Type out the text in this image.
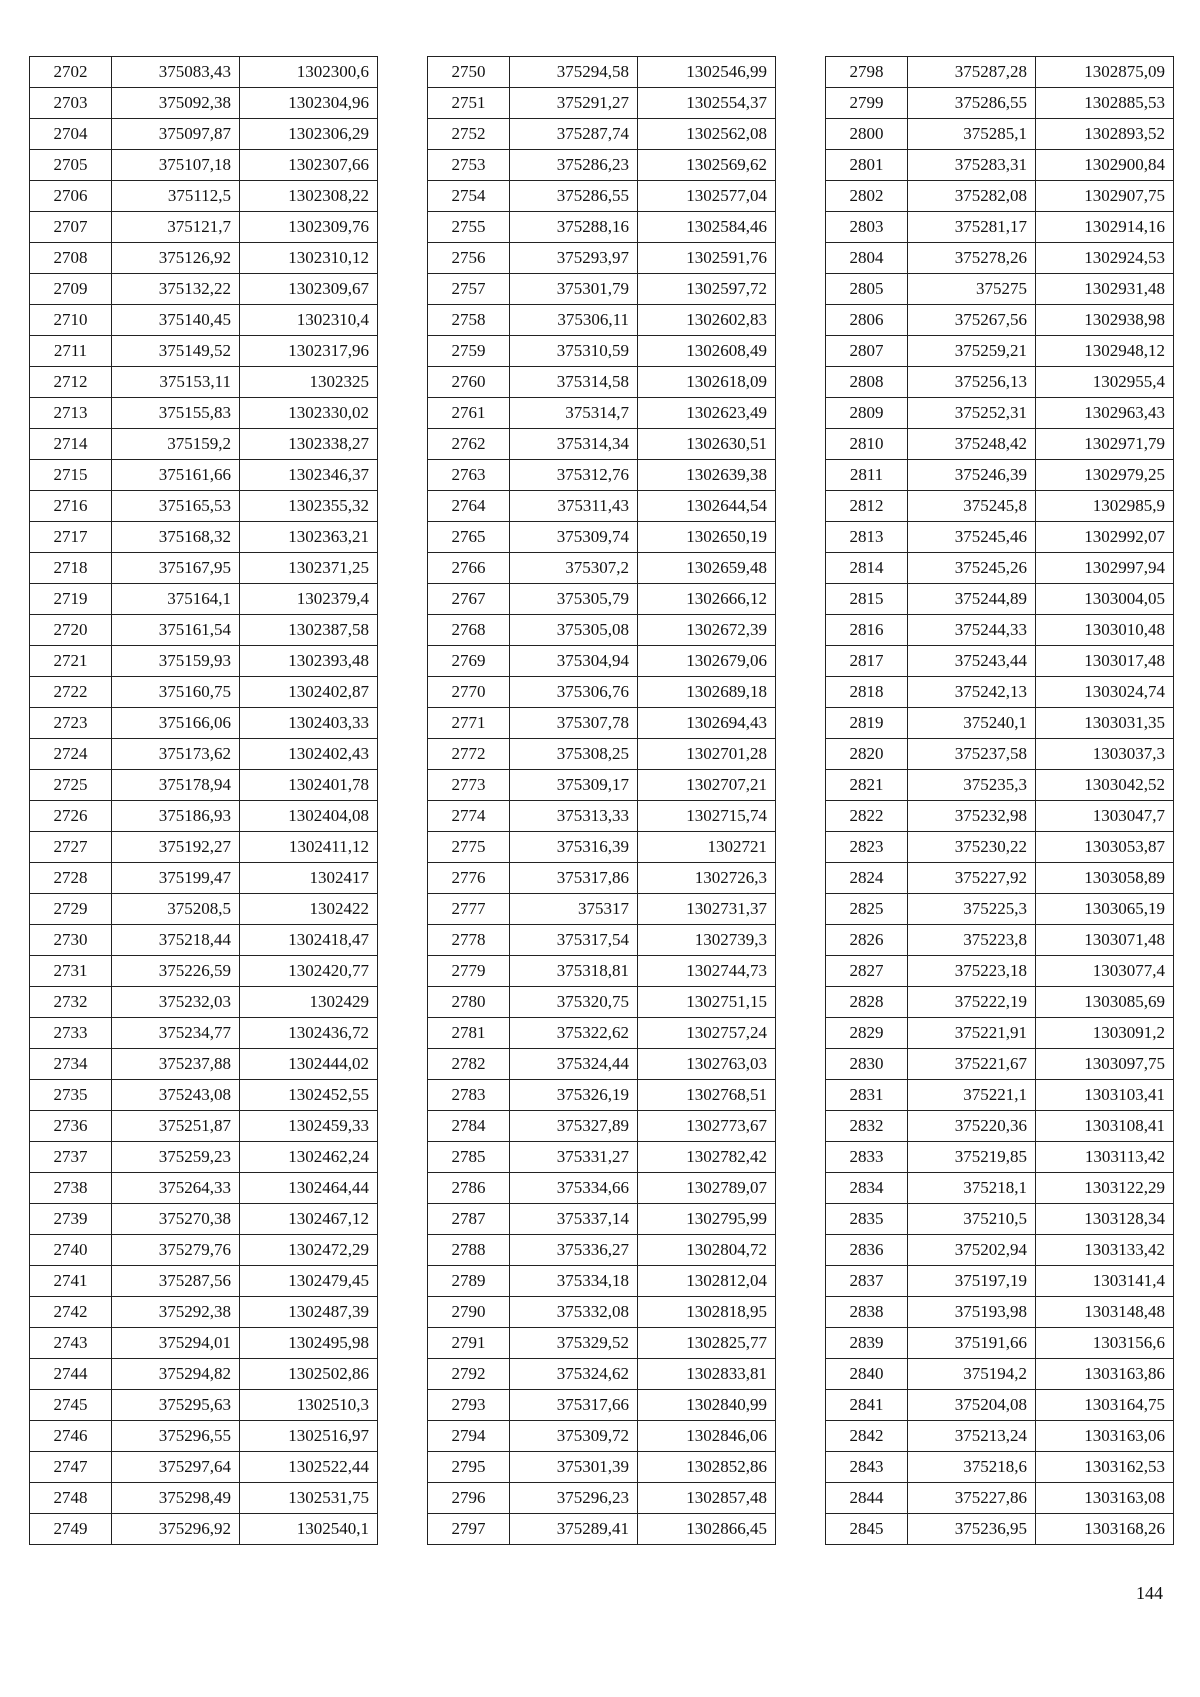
2702	375083,43	1302300,6
2703	375092,38	1302304,96
2704	375097,87	1302306,29
2705	375107,18	1302307,66
2706	375112,5	1302308,22
2707	375121,7	1302309,76
2708	375126,92	1302310,12
2709	375132,22	1302309,67
2710	375140,45	1302310,4
2711	375149,52	1302317,96
2712	375153,11	1302325
2713	375155,83	1302330,02
2714	375159,2	1302338,27
2715	375161,66	1302346,37
2716	375165,53	1302355,32
2717	375168,32	1302363,21
2718	375167,95	1302371,25
2719	375164,1	1302379,4
2720	375161,54	1302387,58
2721	375159,93	1302393,48
2722	375160,75	1302402,87
2723	375166,06	1302403,33
2724	375173,62	1302402,43
2725	375178,94	1302401,78
2726	375186,93	1302404,08
2727	375192,27	1302411,12
2728	375199,47	1302417
2729	375208,5	1302422
2730	375218,44	1302418,47
2731	375226,59	1302420,77
2732	375232,03	1302429
2733	375234,77	1302436,72
2734	375237,88	1302444,02
2735	375243,08	1302452,55
2736	375251,87	1302459,33
2737	375259,23	1302462,24
2738	375264,33	1302464,44
2739	375270,38	1302467,12
2740	375279,76	1302472,29
2741	375287,56	1302479,45
2742	375292,38	1302487,39
2743	375294,01	1302495,98
2744	375294,82	1302502,86
2745	375295,63	1302510,3
2746	375296,55	1302516,97
2747	375297,64	1302522,44
2748	375298,49	1302531,75
2749	375296,92	1302540,1
2750	375294,58	1302546,99
2751	375291,27	1302554,37
2752	375287,74	1302562,08
2753	375286,23	1302569,62
2754	375286,55	1302577,04
2755	375288,16	1302584,46
2756	375293,97	1302591,76
2757	375301,79	1302597,72
2758	375306,11	1302602,83
2759	375310,59	1302608,49
2760	375314,58	1302618,09
2761	375314,7	1302623,49
2762	375314,34	1302630,51
2763	375312,76	1302639,38
2764	375311,43	1302644,54
2765	375309,74	1302650,19
2766	375307,2	1302659,48
2767	375305,79	1302666,12
2768	375305,08	1302672,39
2769	375304,94	1302679,06
2770	375306,76	1302689,18
2771	375307,78	1302694,43
2772	375308,25	1302701,28
2773	375309,17	1302707,21
2774	375313,33	1302715,74
2775	375316,39	1302721
2776	375317,86	1302726,3
2777	375317	1302731,37
2778	375317,54	1302739,3
2779	375318,81	1302744,73
2780	375320,75	1302751,15
2781	375322,62	1302757,24
2782	375324,44	1302763,03
2783	375326,19	1302768,51
2784	375327,89	1302773,67
2785	375331,27	1302782,42
2786	375334,66	1302789,07
2787	375337,14	1302795,99
2788	375336,27	1302804,72
2789	375334,18	1302812,04
2790	375332,08	1302818,95
2791	375329,52	1302825,77
2792	375324,62	1302833,81
2793	375317,66	1302840,99
2794	375309,72	1302846,06
2795	375301,39	1302852,86
2796	375296,23	1302857,48
2797	375289,41	1302866,45
2798	375287,28	1302875,09
2799	375286,55	1302885,53
2800	375285,1	1302893,52
2801	375283,31	1302900,84
2802	375282,08	1302907,75
2803	375281,17	1302914,16
2804	375278,26	1302924,53
2805	375275	1302931,48
2806	375267,56	1302938,98
2807	375259,21	1302948,12
2808	375256,13	1302955,4
2809	375252,31	1302963,43
2810	375248,42	1302971,79
2811	375246,39	1302979,25
2812	375245,8	1302985,9
2813	375245,46	1302992,07
2814	375245,26	1302997,94
2815	375244,89	1303004,05
2816	375244,33	1303010,48
2817	375243,44	1303017,48
2818	375242,13	1303024,74
2819	375240,1	1303031,35
2820	375237,58	1303037,3
2821	375235,3	1303042,52
2822	375232,98	1303047,7
2823	375230,22	1303053,87
2824	375227,92	1303058,89
2825	375225,3	1303065,19
2826	375223,8	1303071,48
2827	375223,18	1303077,4
2828	375222,19	1303085,69
2829	375221,91	1303091,2
2830	375221,67	1303097,75
2831	375221,1	1303103,41
2832	375220,36	1303108,41
2833	375219,85	1303113,42
2834	375218,1	1303122,29
2835	375210,5	1303128,34
2836	375202,94	1303133,42
2837	375197,19	1303141,4
2838	375193,98	1303148,48
2839	375191,66	1303156,6
2840	375194,2	1303163,86
2841	375204,08	1303164,75
2842	375213,24	1303163,06
2843	375218,6	1303162,53
2844	375227,86	1303163,08
2845	375236,95	1303168,26
144
